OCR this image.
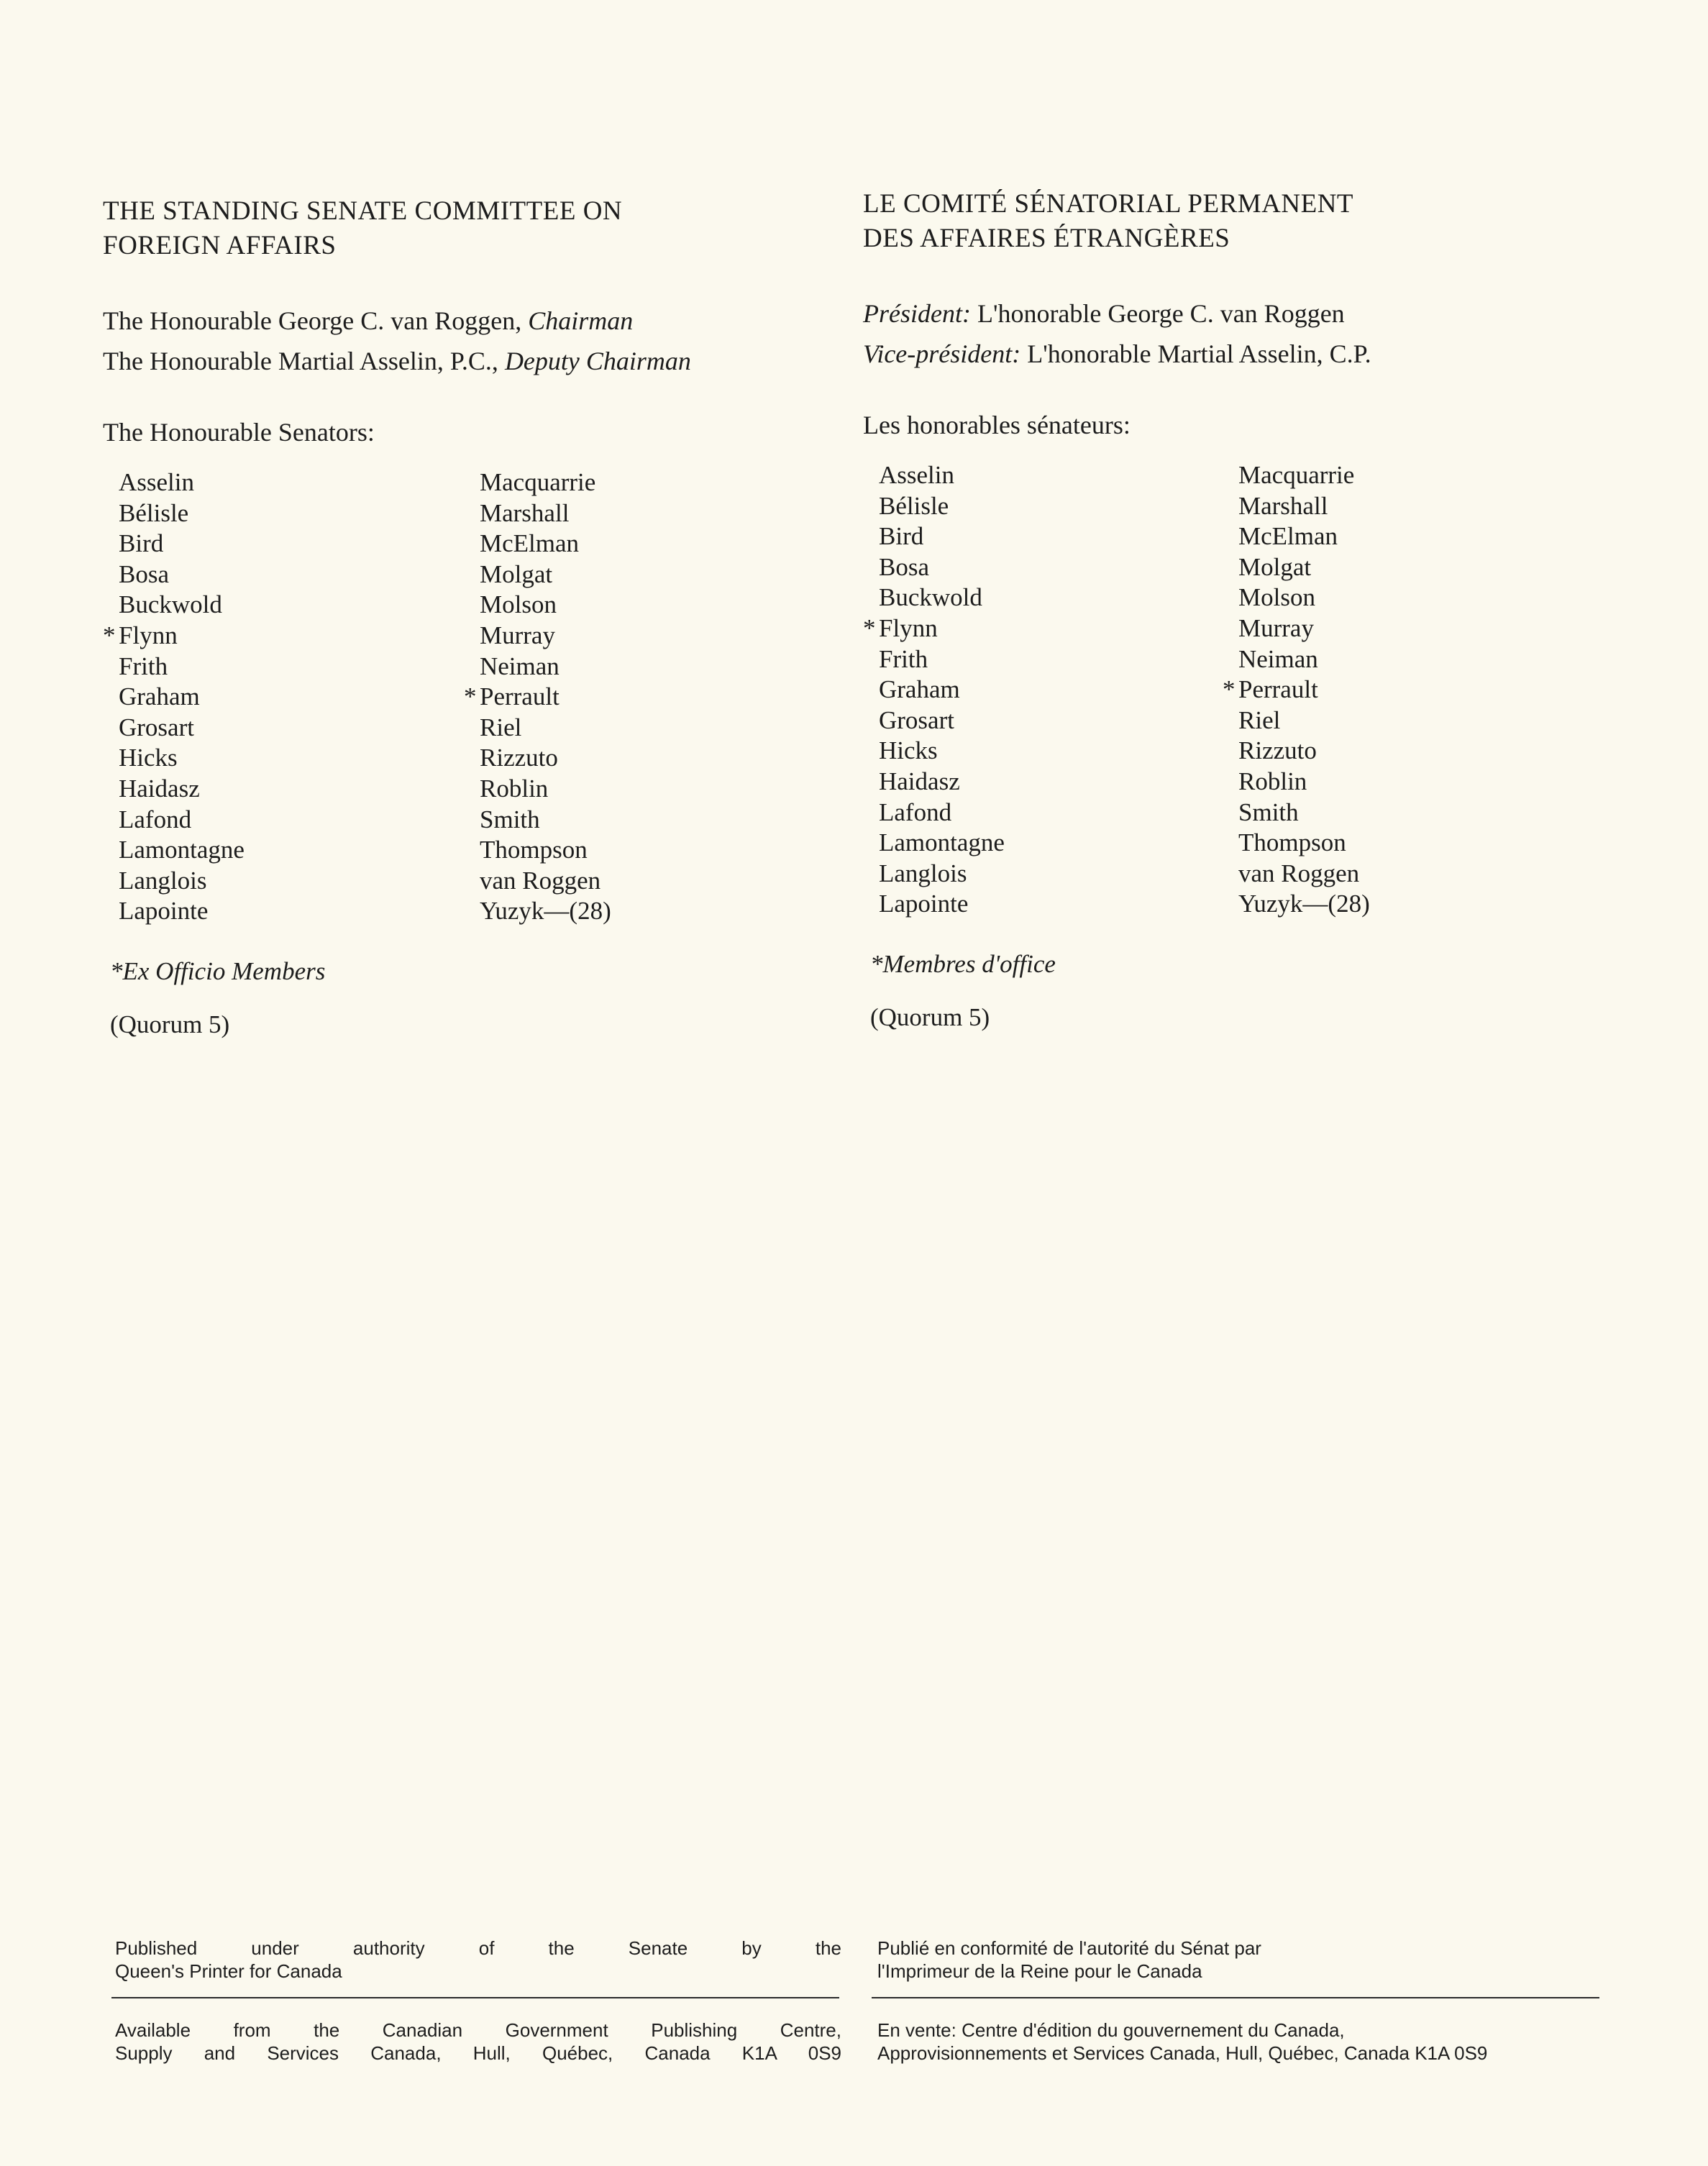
THE STANDING SENATE COMMITTEE ON
FOREIGN AFFAIRS

The Honourable George C. van Roggen, Chairman

The Honourable Martial Asselin, P.C., Deputy Chairman

The Honourable Senators:
Asselin
Bélisle
Bird
Bosa
Buckwold
* Flynn
Frith
Graham
Grosart
Hicks
Haidasz
Lafond
Lamontagne
Langlois
Lapointe
Macquarrie
Marshall
McElman
Molgat
Molson
Murray
Neiman
* Perrault
Riel
Rizzuto
Roblin
Smith
Thompson
van Roggen
Yuzyk—(28)
*Ex Officio Members
(Quorum 5)
LE COMITÉ SÉNATORIAL PERMANENT
DES AFFAIRES ÉTRANGÈRES

Président: L'honorable George C. van Roggen

Vice-président: L'honorable Martial Asselin, C.P.

Les honorables sénateurs:
Asselin
Bélisle
Bird
Bosa
Buckwold
* Flynn
Frith
Graham
Grosart
Hicks
Haidasz
Lafond
Lamontagne
Langlois
Lapointe
Macquarrie
Marshall
McElman
Molgat
Molson
Murray
Neiman
* Perrault
Riel
Rizzuto
Roblin
Smith
Thompson
van Roggen
Yuzyk—(28)
*Membres d'office
(Quorum 5)
Published under authority of the Senate by the
Queen's Printer for Canada
Available from the Canadian Government Publishing Centre,
Supply and Services Canada, Hull, Québec, Canada K1A 0S9
Publié en conformité de l'autorité du Sénat par
l'Imprimeur de la Reine pour le Canada
En vente: Centre d'édition du gouvernement du Canada,
Approvisionnements et Services Canada, Hull, Québec, Canada K1A 0S9
